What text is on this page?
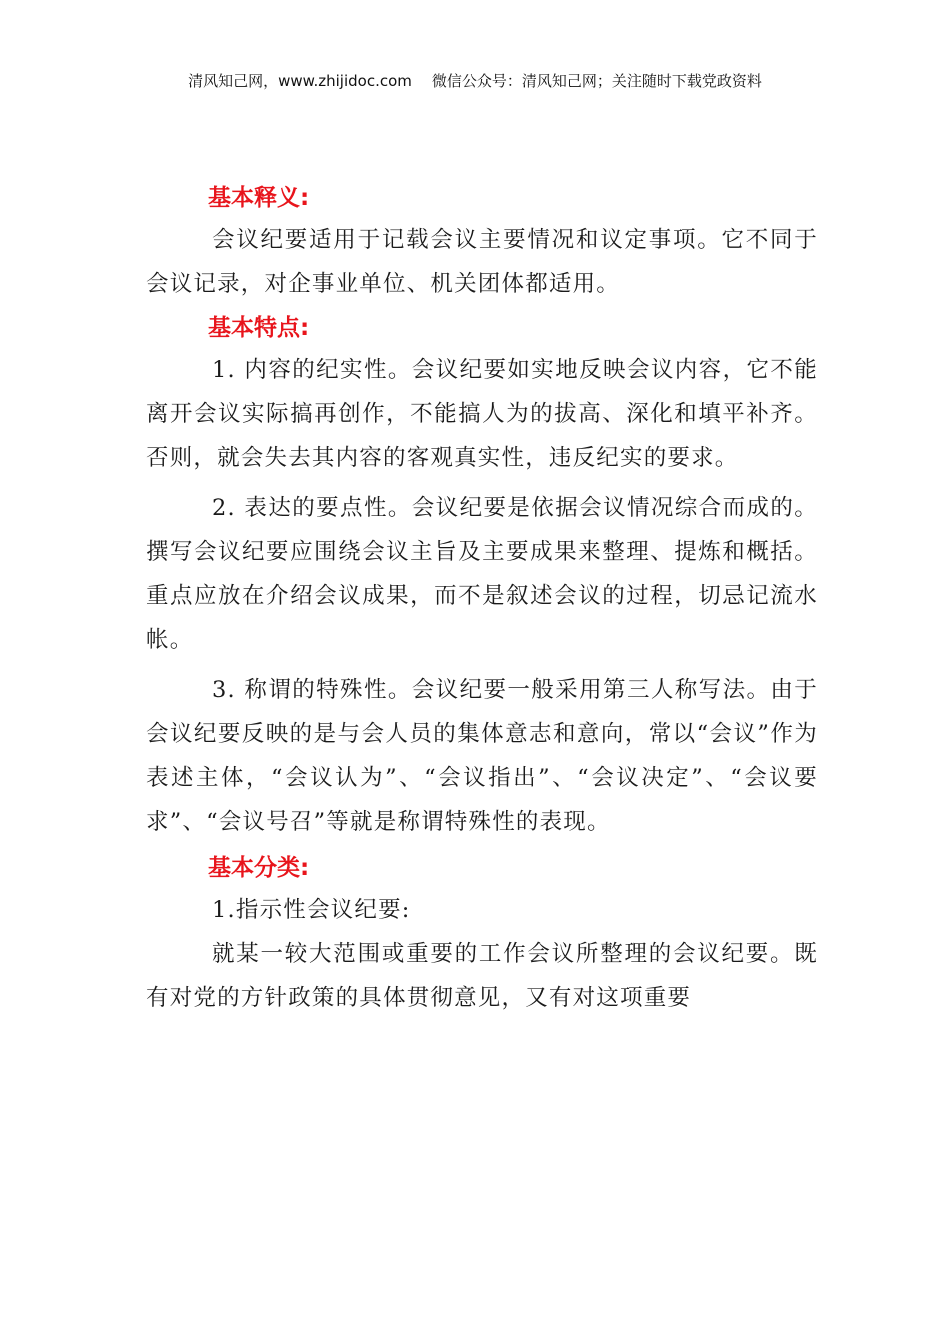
清风知己网，www.zhijidoc.com 微信公众号：清风知己网；关注随时下载党政资料
基本释义:

会议纪要适用于记载会议主要情况和议定事项。它不同于会议记录，对企事业单位、机关团体都适用。

基本特点:

1. 内容的纪实性。会议纪要如实地反映会议内容，它不能离开会议实际搞再创作，不能搞人为的拔高、深化和填平补齐。否则，就会失去其内容的客观真实性，违反纪实的要求。

2. 表达的要点性。会议纪要是依据会议情况综合而成的。撰写会议纪要应围绕会议主旨及主要成果来整理、提炼和概括。重点应放在介绍会议成果，而不是叙述会议的过程，切忌记流水帐。

3. 称谓的特殊性。会议纪要一般采用第三人称写法。由于会议纪要反映的是与会人员的集体意志和意向，常以“会议”作为表述主体，“会议认为”、“会议指出”、“会议决定”、“会议要求”、“会议号召”等就是称谓特殊性的表现。

基本分类:

1.指示性会议纪要:

就某一较大范围或重要的工作会议所整理的会议纪要。既有对党的方针政策的具体贯彻意见，又有对这项重要
